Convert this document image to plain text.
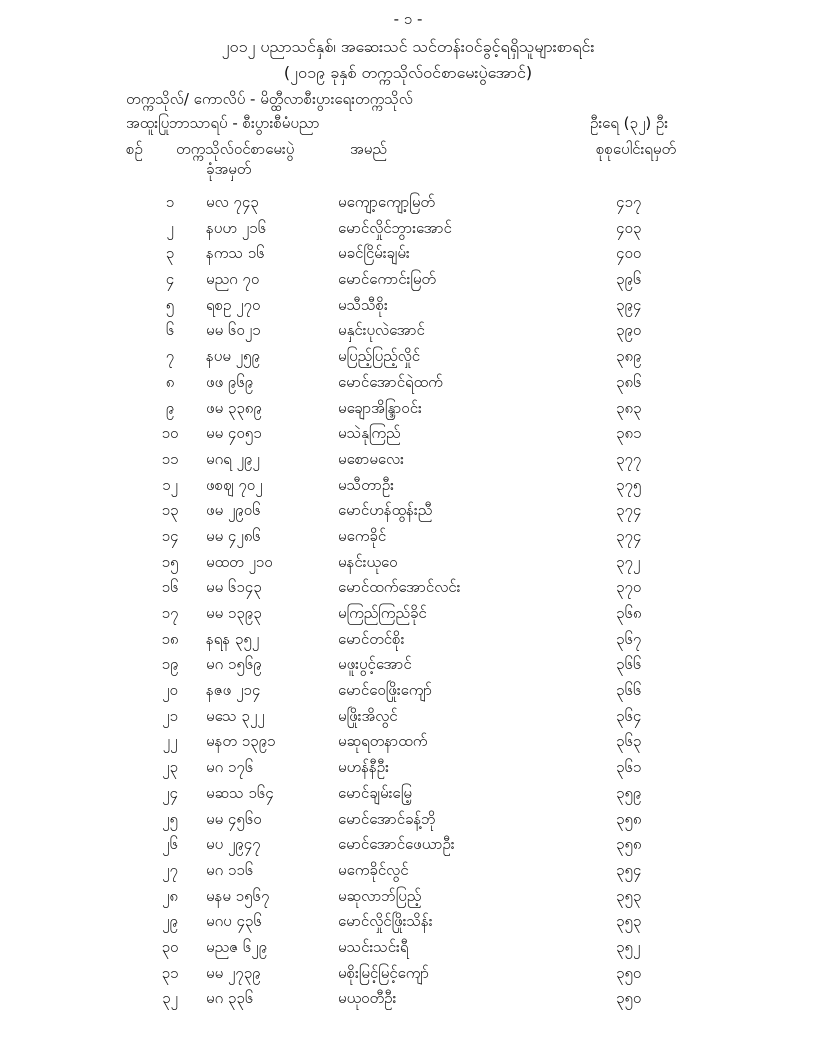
- ၁ -
၂၀၁၂ ပညာသင်နှစ်၊ အဆေးသင် သင်တန်းဝင်ခွင့်ရရှိသူများစာရင်း
(၂၀၁၉ ခုနှစ် တက္ကသိုလ်ဝင်စာမေးပွဲအောင်)
တက္ကသိုလ်/ ကောလိပ် - မိတ္ထီလာစီးပွားရေးတက္ကသိုလ်
အထူးပြုဘာသာရပ် - စီးပွားစီမံပညာ	ဦးရေ (၃၂) ဦး
စဉ် တက္ကသိုလ်ဝင်စာမေးပွဲ
ခုံအမှတ်
အမည်	စုစုပေါင်းရမှတ်
၁	မလ ၇၄၃	မကျော့ကျော့မြတ်	၄၁၇
၂	နပဟ ၂၁၆	မောင်လှိုင်ဘွားအောင်	၄၀၃
၃	နကသ ၁၆	မခင်ငြိမ်းချမ်း	၄၀၀
၄	မညဂ ၇၀	မောင်ကောင်းမြတ်	၃၉၆
၅	ရစဥ ၂၇၀	မသီသီစိုး	၃၉၄
၆	မမ ၆၀၂၁	မနှင်းပုလဲအောင်	၃၉၀
၇	နပမ ၂၅၉	မပြည့်ပြည့်လှိုင်	၃၈၉
၈	ဖဖ ၉၆၉	မောင်အောင်ရဲထက်	၃၈၆
၉	ဖမ ၃၃၈၉	မချောအိန္ဒြာဝင်း	၃၈၃
၁၀	မမ ၄၀၅၁	မသဲနုကြည်	၃၈၁
၁၁	မဂရ ၂၉၂	မစောမလေး	၃၇၇
၁၂	ဖစဈ ၇၀၂	မသီတာဦး	၃၇၅
၁၃	ဖမ ၂၉၀၆	မောင်ဟန်ထွန်းညီ	၃၇၄
၁၄	မမ ၄၂၈၆	မကေခိုင်	၃၇၄
၁၅	မထတ ၂၁၀	မနင်းယုဝေ	၃၇၂
၁၆	မမ ၆၁၄၃	မောင်ထက်အောင်လင်း	၃၇၀
၁၇	မမ ၁၃၉၃	မကြည်ကြည်ခိုင်	၃၆၈
၁၈	နရန ၃၅၂	မောင်တင်စိုး	၃၆၇
၁၉	မဂ ၁၅၆၉	မဖူးပွင့်အောင်	၃၆၆
၂၀	နဇဖ ၂၁၄	မောင်ဝေဖြိုးကျော်	၃၆၆
၂၁	မသေ ၃၂၂	မဖြိုးအိလွင်	၃၆၄
၂၂	မနတ ၁၃၉၁	မဆုရတနာထက်	၃၆၃
၂၃	မဂ ၁၇၆	မဟန်နီဦး	၃၆၁
၂၄	မဆသ ၁၆၄	မောင်ချမ်းမြေ့	၃၅၉
၂၅	မမ ၄၅၆၀	မောင်အောင်ခန့်ဘို	၃၅၈
၂၆	မပ ၂၉၄၇	မောင်အောင်ဖေယာဦး	၃၅၈
၂၇	မဂ ၁၁၆	မကေခိုင်လွင်	၃၅၄
၂၈	မနမ ၁၅၆၇	မဆုလာဘ်ပြည့်	၃၅၃
၂၉	မဂပ ၄၃၆	မောင်လှိုင်ဖြိုးသိန်း	၃၅၃
၃၀	မညဇ ၆၂၉	မသင်းသင်းရီ	၃၅၂
၃၁	မမ ၂၇၃၉	မစိုးမြင့်မြင့်ကျော်	၃၅၀
၃၂	မဂ ၃၃၆	မယုဝတီဦး	၃၅၀
